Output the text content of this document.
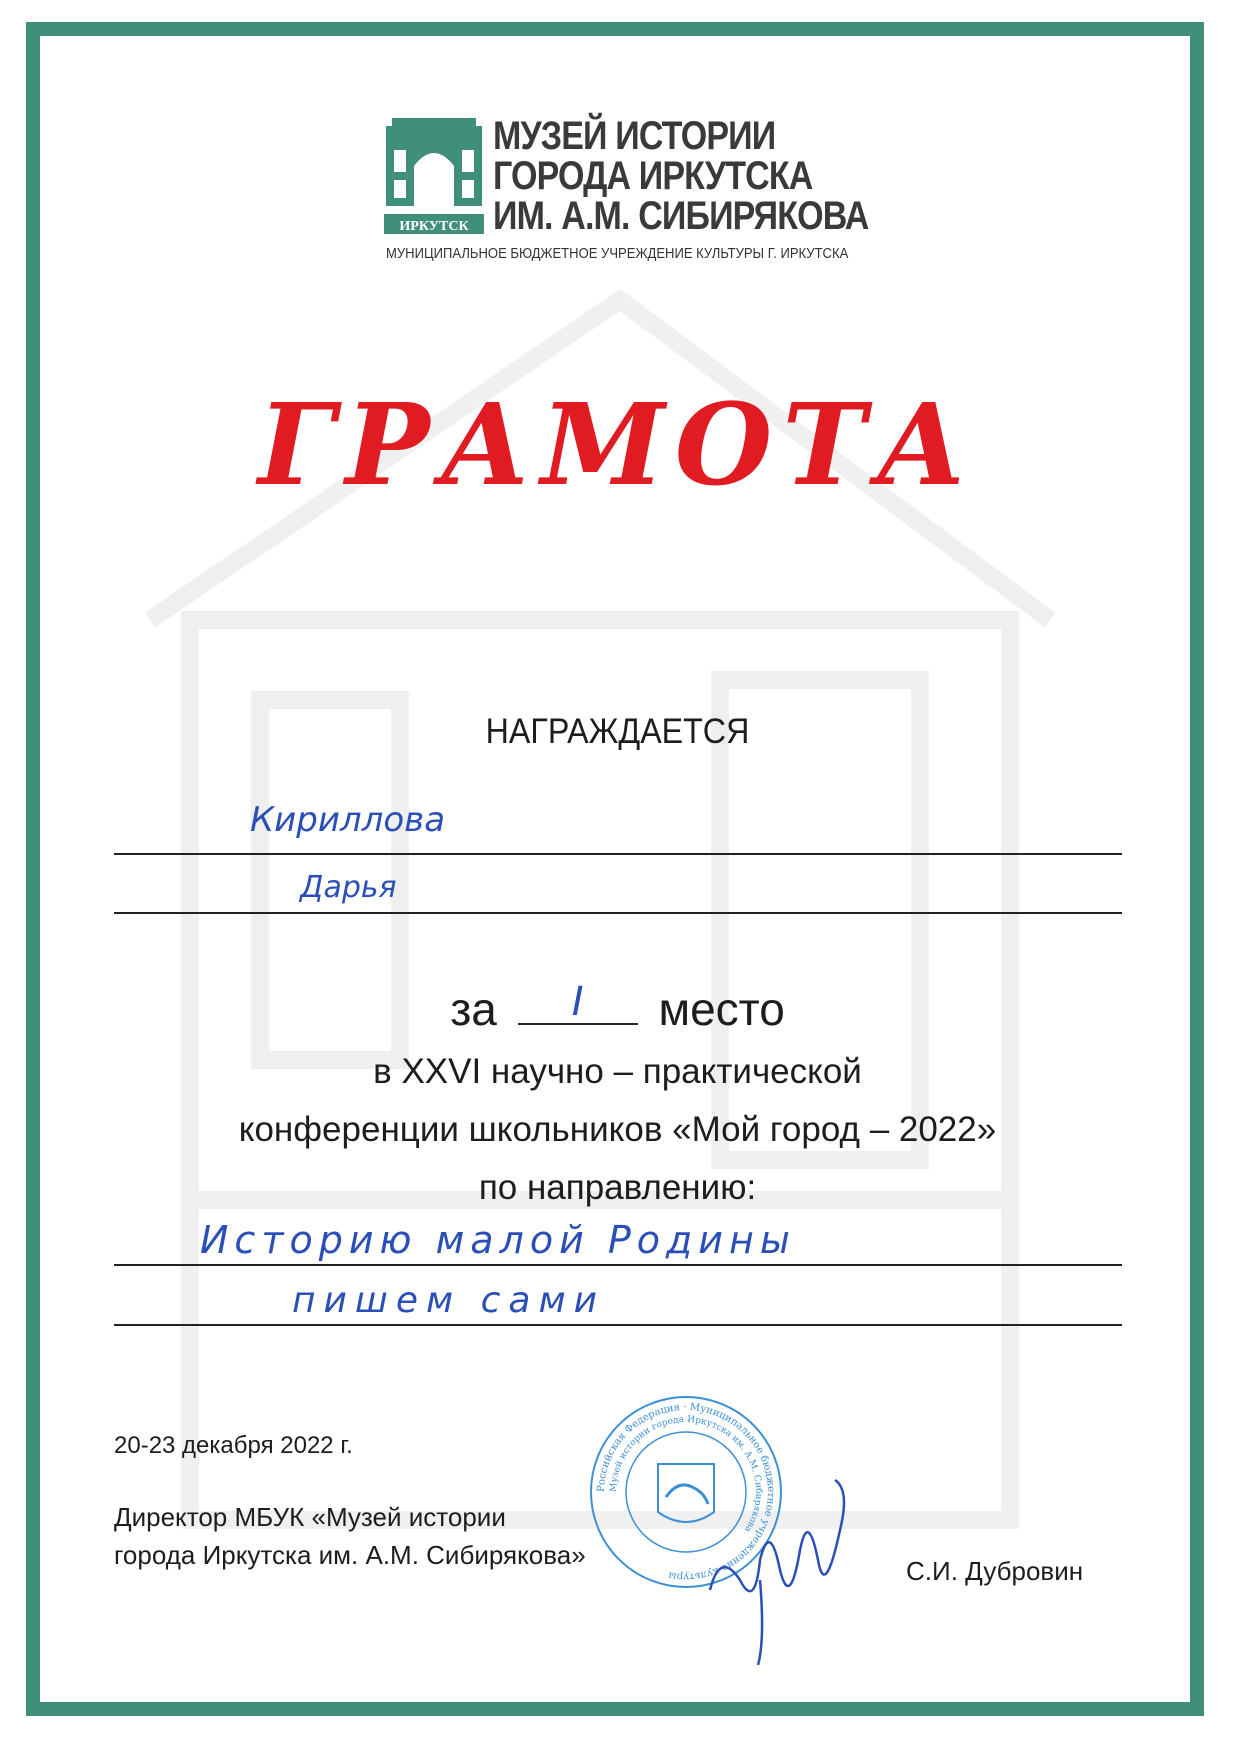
ИРКУТСК
МУЗЕЙ ИСТОРИИ
ГОРОДА ИРКУТСКА
ИМ. А.М. СИБИРЯКОВА
МУНИЦИПАЛЬНОЕ БЮДЖЕТНОЕ УЧРЕЖДЕНИЕ КУЛЬТУРЫ Г. ИРКУТСКА
ГРАМОТА
НАГРАЖДАЕТСЯ
Кириллова
Дарья
за	I	место
в XXVI научно – практической
конференции школьников «Мой город – 2022»
по направлению:
Историю малой Родины
пишем сами
20-23 декабря 2022 г.
Российская Федерация · Муниципальное бюджетное учреждение культуры
Музей истории города Иркутска им. А.М. Сибирякова
Директор МБУК «Музей истории
города Иркутска им. А.М. Сибирякова»
С.И. Дубровин
